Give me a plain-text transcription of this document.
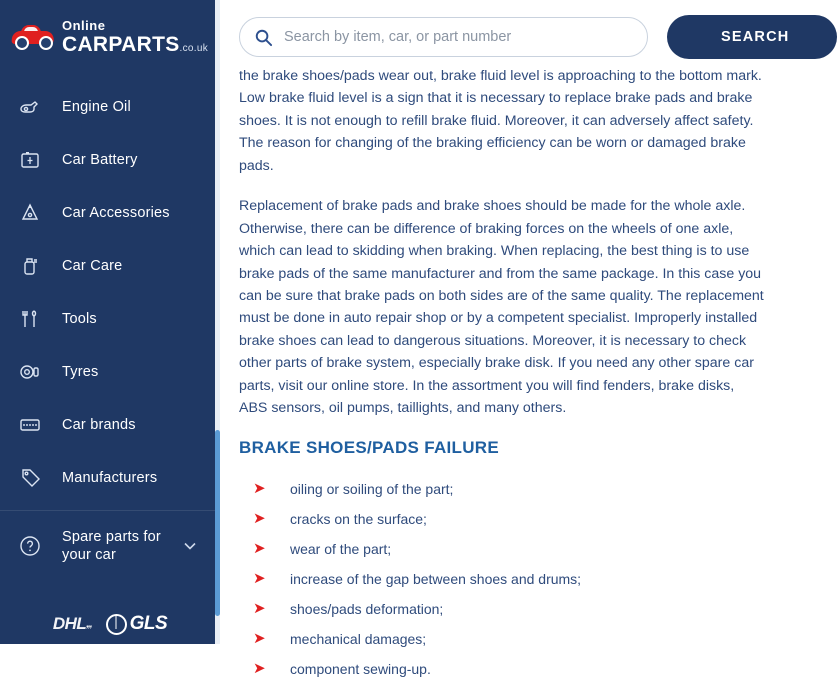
Online
CARPARTS.co.uk
Engine Oil
Car Battery
Car Accessories
Car Care
Tools
Tyres
Car brands
Manufacturers
Spare parts for
your car
DHL,,, GLS
Search by item, car, or part number
SEARCH

the brake shoes/pads wear out, brake fluid level is approaching to the bottom mark. Low brake fluid level is a sign that it is necessary to replace brake pads and brake shoes. It is not enough to refill brake fluid. Moreover, it can adversely affect safety. The reason for changing of the braking efficiency can be worn or damaged brake pads.

Replacement of brake pads and brake shoes should be made for the whole axle. Otherwise, there can be difference of braking forces on the wheels of one axle, which can lead to skidding when braking. When replacing, the best thing is to use brake pads of the same manufacturer and from the same package. In this case you can be sure that brake pads on both sides are of the same quality. The replacement must be done in auto repair shop or by a competent specialist. Improperly installed brake shoes can lead to dangerous situations. Moreover, it is necessary to check other parts of brake system, especially brake disk. If you need any other spare car parts, visit our online store. In the assortment you will find fenders, brake disks, ABS sensors, oil pumps, taillights, and many others.

BRAKE SHOES/PADS FAILURE
➤	oiling or soiling of the part;
➤	cracks on the surface;
➤	wear of the part;
➤	increase of the gap between shoes and drums;
➤	shoes/pads deformation;
➤	mechanical damages;
➤	component sewing-up.
